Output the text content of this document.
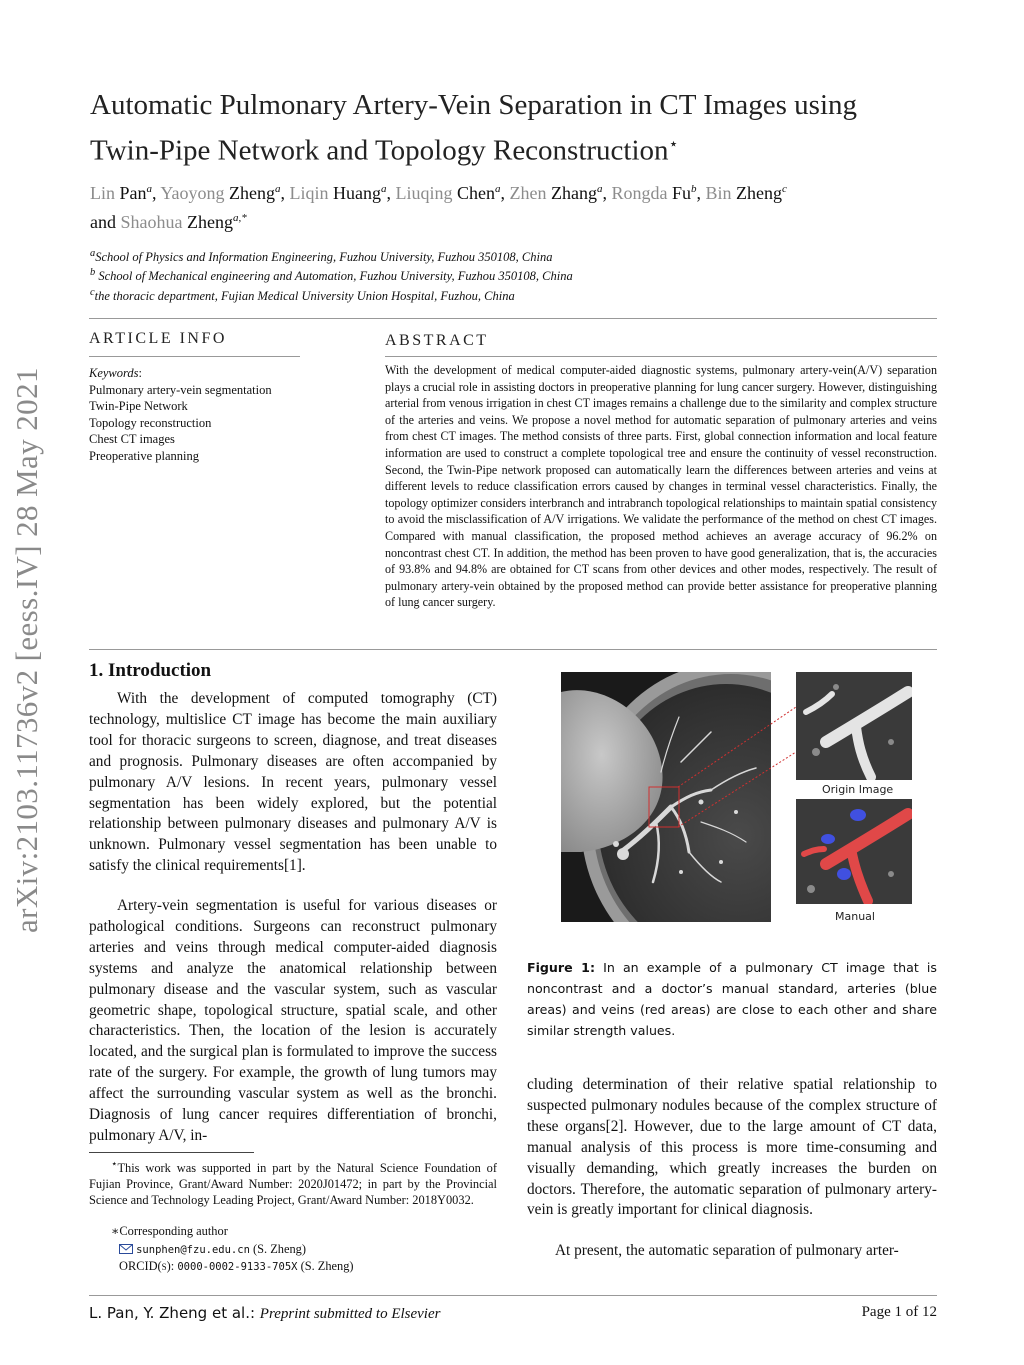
arXiv:2103.11736v2 [eess.IV] 28 May 2021
Automatic Pulmonary Artery-Vein Separation in CT Images using
Twin-Pipe Network and Topology Reconstruction⋆
Lin Pan$^a$, Yaoyong Zheng$^a$, Liqin Huang$^a$, Liuqing Chen$^a$, Zhen Zhang$^a$, Rongda Fu$^b$, Bin Zheng$^c$
and Shaohua Zheng$^{a,*}$
$^a$School of Physics and Information Engineering, Fuzhou University, Fuzhou 350108, China
$^b$ School of Mechanical engineering and Automation, Fuzhou University, Fuzhou 350108, China
$^c$the thoracic department, Fujian Medical University Union Hospital, Fuzhou, China
ARTICLE INFO
Keywords:
Pulmonary artery-vein segmentation
Twin-Pipe Network
Topology reconstruction
Chest CT images
Preoperative planning
ABSTRACT
With the development of medical computer-aided diagnostic systems, pulmonary artery-vein(A/V) separation plays a crucial role in assisting doctors in preoperative planning for lung cancer surgery. However, distinguishing arterial from venous irrigation in chest CT images remains a challenge due to the similarity and complex structure of the arteries and veins. We propose a novel method for automatic separation of pulmonary arteries and veins from chest CT images. The method consists of three parts. First, global connection information and local feature information are used to construct a complete topological tree and ensure the continuity of vessel reconstruction. Second, the Twin-Pipe network proposed can automatically learn the differences between arteries and veins at different levels to reduce classification errors caused by changes in terminal vessel characteristics. Finally, the topology optimizer considers interbranch and intrabranch topological relationships to maintain spatial consistency to avoid the misclassification of A/V irrigations. We validate the performance of the method on chest CT images. Compared with manual classification, the proposed method achieves an average accuracy of 96.2% on noncontrast chest CT. In addition, the method has been proven to have good generalization, that is, the accuracies of 93.8% and 94.8% are obtained for CT scans from other devices and other modes, respectively. The result of pulmonary artery-vein obtained by the proposed method can provide better assistance for preoperative planning of lung cancer surgery.
1. Introduction
With the development of computed tomography (CT) technology, multislice CT image has become the main auxiliary tool for thoracic surgeons to screen, diagnose, and treat diseases and prognosis. Pulmonary diseases are often accompanied by pulmonary A/V lesions. In recent years, pulmonary vessel segmentation has been widely explored, but the potential relationship between pulmonary diseases and pulmonary A/V is unknown. Pulmonary vessel segmentation has been unable to satisfy the clinical requirements[1].
Artery-vein segmentation is useful for various diseases or pathological conditions. Surgeons can reconstruct pulmonary arteries and veins through medical computer-aided diagnosis systems and analyze the anatomical relationship between pulmonary disease and the vascular system, such as vascular geometric shape, topological structure, spatial scale, and other characteristics. Then, the location of the lesion is accurately located, and the surgical plan is formulated to improve the success rate of the surgery. For example, the growth of lung tumors may affect the surrounding vascular system as well as the bronchi. Diagnosis of lung cancer requires differentiation of bronchi, pulmonary A/V, in-
⋆This work was supported in part by the Natural Science Foundation of Fujian Province, Grant/Award Number: 2020J01472; in part by the Provincial Science and Technology Leading Project, Grant/Award Number: 2018Y0032.
∗Corresponding author
sunphen@fzu.edu.cn (S. Zheng)
ORCID(s): 0000-0002-9133-705X (S. Zheng)
Origin Image
Manual
Figure 1: In an example of a pulmonary CT image that is noncontrast and a doctor’s manual standard, arteries (blue areas) and veins (red areas) are close to each other and share similar strength values.
cluding determination of their relative spatial relationship to suspected pulmonary nodules because of the complex structure of these organs[2]. However, due to the large amount of CT data, manual analysis of this process is more time-consuming and visually demanding, which greatly increases the burden on doctors. Therefore, the automatic separation of pulmonary artery-vein is greatly important for clinical diagnosis.
At present, the automatic separation of pulmonary arter-
L. Pan, Y. Zheng et al.: Preprint submitted to Elsevier	Page 1 of 12
